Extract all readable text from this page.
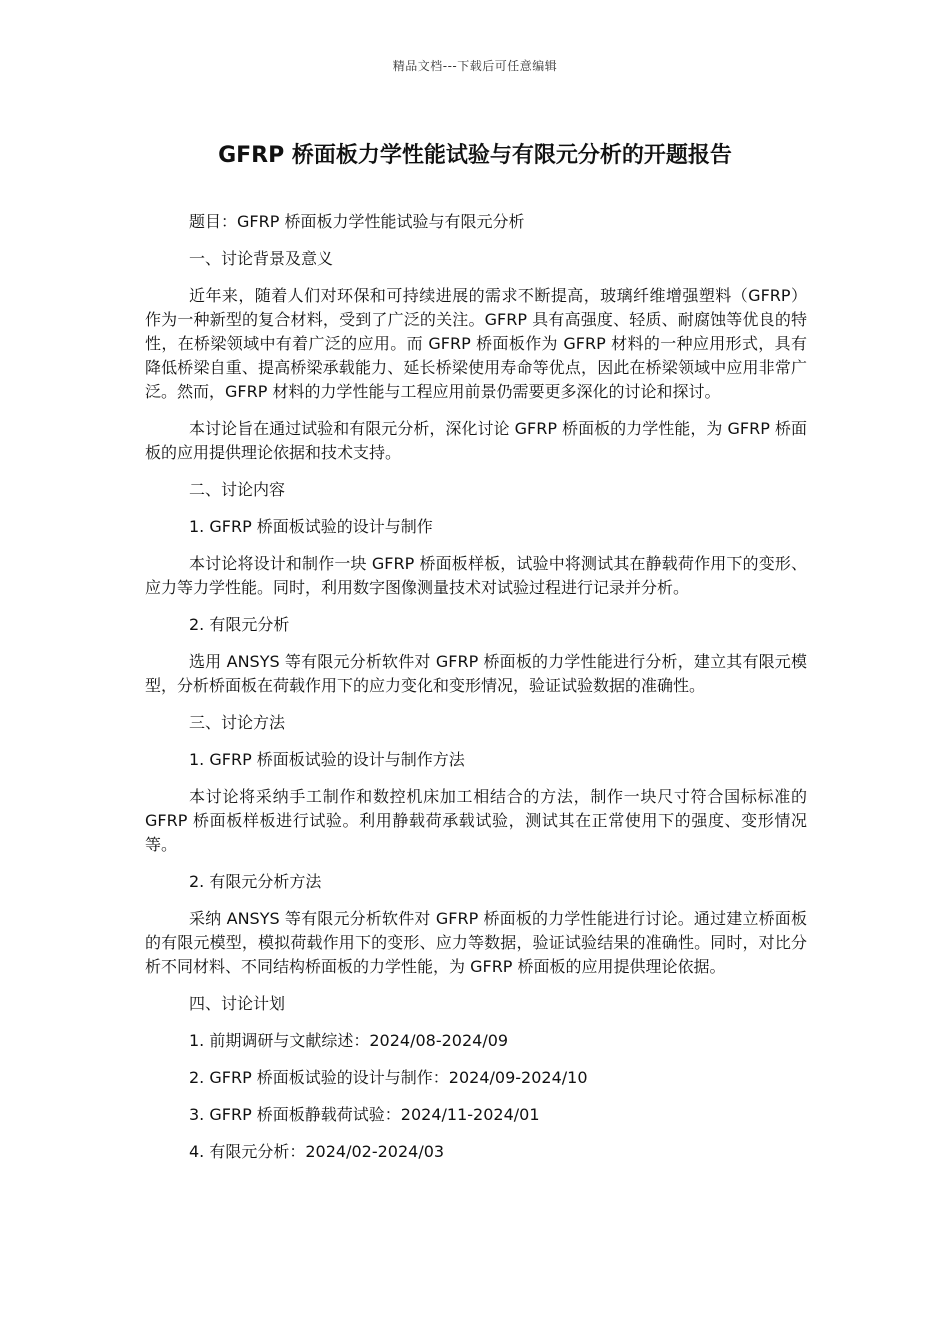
精品文档---下载后可任意编辑
GFRP 桥面板力学性能试验与有限元分析的开题报告

题目：GFRP 桥面板力学性能试验与有限元分析

一、讨论背景及意义

近年来，随着人们对环保和可持续进展的需求不断提高，玻璃纤维增强塑料（GFRP）作为一种新型的复合材料，受到了广泛的关注。GFRP 具有高强度、轻质、耐腐蚀等优良的特性，在桥梁领域中有着广泛的应用。而 GFRP 桥面板作为 GFRP 材料的一种应用形式，具有降低桥梁自重、提高桥梁承载能力、延长桥梁使用寿命等优点，因此在桥梁领域中应用非常广泛。然而，GFRP 材料的力学性能与工程应用前景仍需要更多深化的讨论和探讨。

本讨论旨在通过试验和有限元分析，深化讨论 GFRP 桥面板的力学性能，为 GFRP 桥面板的应用提供理论依据和技术支持。

二、讨论内容

1. GFRP 桥面板试验的设计与制作

本讨论将设计和制作一块 GFRP 桥面板样板，试验中将测试其在静载荷作用下的变形、应力等力学性能。同时，利用数字图像测量技术对试验过程进行记录并分析。

2. 有限元分析

选用 ANSYS 等有限元分析软件对 GFRP 桥面板的力学性能进行分析，建立其有限元模型，分析桥面板在荷载作用下的应力变化和变形情况，验证试验数据的准确性。

三、讨论方法

1. GFRP 桥面板试验的设计与制作方法

本讨论将采纳手工制作和数控机床加工相结合的方法，制作一块尺寸符合国标标准的 GFRP 桥面板样板进行试验。利用静载荷承载试验，测试其在正常使用下的强度、变形情况等。

2. 有限元分析方法

采纳 ANSYS 等有限元分析软件对 GFRP 桥面板的力学性能进行讨论。通过建立桥面板的有限元模型，模拟荷载作用下的变形、应力等数据，验证试验结果的准确性。同时，对比分析不同材料、不同结构桥面板的力学性能，为 GFRP 桥面板的应用提供理论依据。

四、讨论计划

1. 前期调研与文献综述：2024/08-2024/09

2. GFRP 桥面板试验的设计与制作：2024/09-2024/10

3. GFRP 桥面板静载荷试验：2024/11-2024/01

4. 有限元分析：2024/02-2024/03
